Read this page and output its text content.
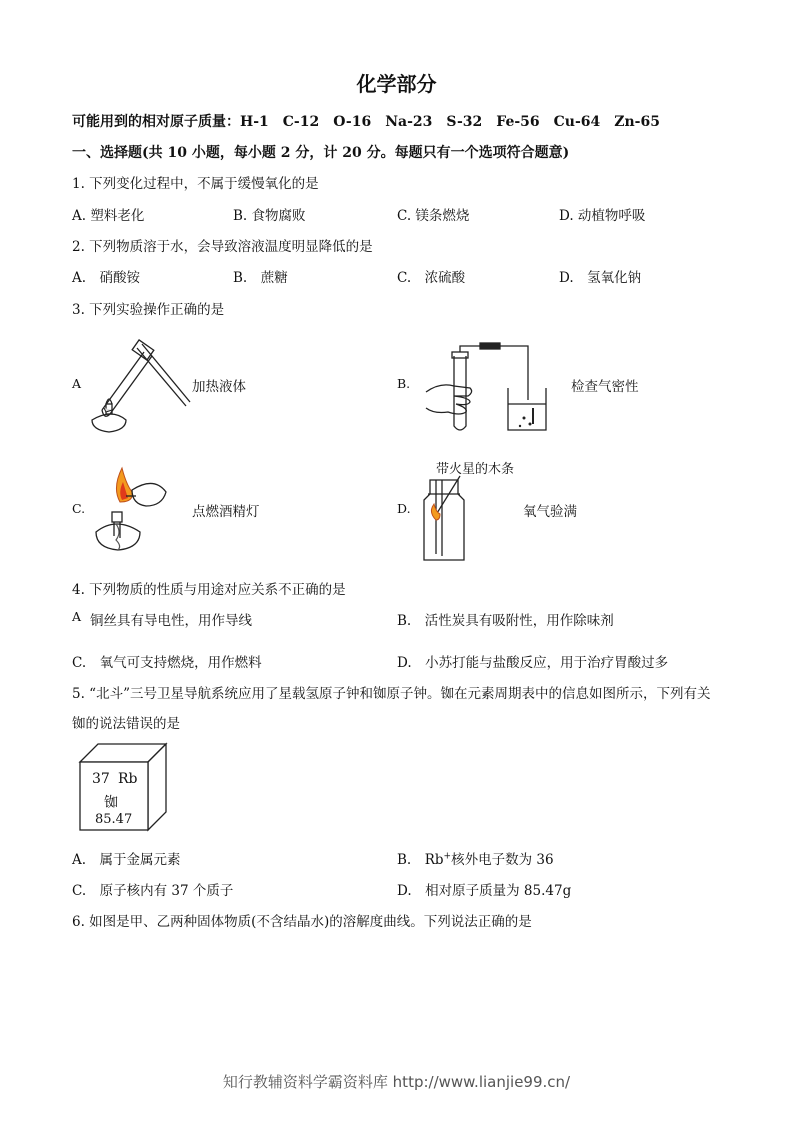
化学部分
可能用到的相对原子质量：H-1　C-12　O-16　Na-23　S-32　Fe-56　Cu-64　Zn-65
一、选择题(共 10 小题，每小题 2 分，计 20 分。每题只有一个选项符合题意)
1. 下列变化过程中，不属于缓慢氧化的是
A. 塑料老化	B. 食物腐败	C. 镁条燃烧	D. 动植物呼吸
2. 下列物质溶于水，会导致溶液温度明显降低的是
A.　硝酸铵	B.　蔗糖	C.　浓硫酸	D.　氢氧化钠
3. 下列实验操作正确的是
A	加热液体	B.	检查气密性
C.	点燃酒精灯	D.
带火星的木条
氧气验满
4. 下列物质的性质与用途对应关系不正确的是
A 铜丝具有导电性，用作导线	B.　活性炭具有吸附性，用作除味剂
C.　氧气可支持燃烧，用作燃料	D.　小苏打能与盐酸反应，用于治疗胃酸过多
5. “北斗”三号卫星导航系统应用了星载氢原子钟和铷原子钟。铷在元素周期表中的信息如图所示，下列有关
铷的说法错误的是
37 Rb
铷
85.47
A.　属于金属元素	B.　Rb+核外电子数为 36
C.　原子核内有 37 个质子	D.　相对原子质量为 85.47g
6. 如图是甲、乙两种固体物质(不含结晶水)的溶解度曲线。下列说法正确的是
知行教辅资料学霸资料库 http://www.lianjie99.cn/
